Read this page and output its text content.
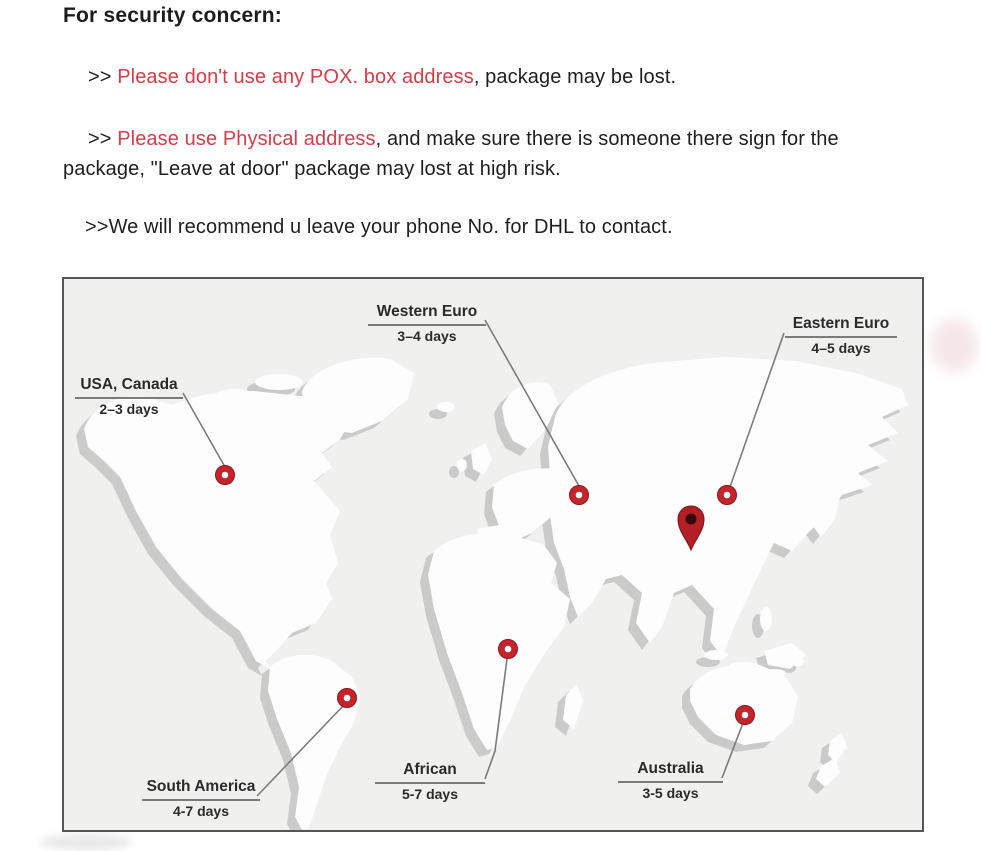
For security concern:

>> Please don't use any POX. box address, package may be lost.

>> Please use Physical address, and make sure there is someone there sign for the package, "Leave at door" package may lost at high risk.

>>We will recommend u leave your phone No. for DHL to contact.

USA, Canada
2–3 days
Western Euro
3–4 days
Eastern Euro
4–5 days
South America
4-7 days
African
5-7 days
Australia
3-5 days
